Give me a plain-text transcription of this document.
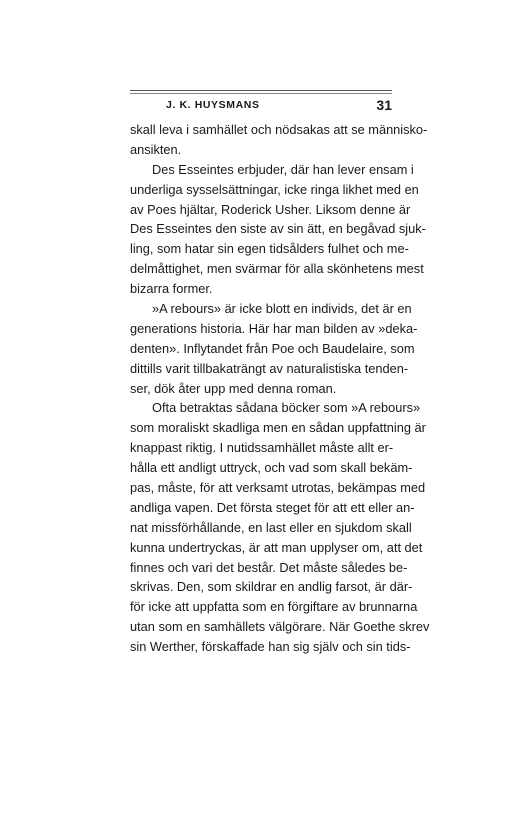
J. K. HUYSMANS	31
skall leva i samhället och nödsakas att se människo-
ansikten.
Des Esseintes erbjuder, där han lever ensam i
underliga sysselsättningar, icke ringa likhet med en
av Poes hjältar, Roderick Usher. Liksom denne är
Des Esseintes den siste av sin ätt, en begåvad sjuk-
ling, som hatar sin egen tidsålders fulhet och me-
delmåttighet, men svärmar för alla skönhetens mest
bizarra former.
»A rebours» är icke blott en individs, det är en
generations historia. Här har man bilden av »deka-
denten». Inflytandet från Poe och Baudelaire, som
dittills varit tillbakaträngt av naturalistiska tenden-
ser, dök åter upp med denna roman.
Ofta betraktas sådana böcker som »A rebours»
som moraliskt skadliga men en sådan uppfattning är
knappast riktig. I nutidssamhället måste allt er-
hålla ett andligt uttryck, och vad som skall bekäm-
pas, måste, för att verksamt utrotas, bekämpas med
andliga vapen. Det första steget för att ett eller an-
nat missförhållande, en last eller en sjukdom skall
kunna undertryckas, är att man upplyser om, att det
finnes och vari det består. Det måste således be-
skrivas. Den, som skildrar en andlig farsot, är där-
för icke att uppfatta som en förgiftare av brunnarna
utan som en samhällets välgörare. När Goethe skrev
sin Werther, förskaffade han sig själv och sin tids-
